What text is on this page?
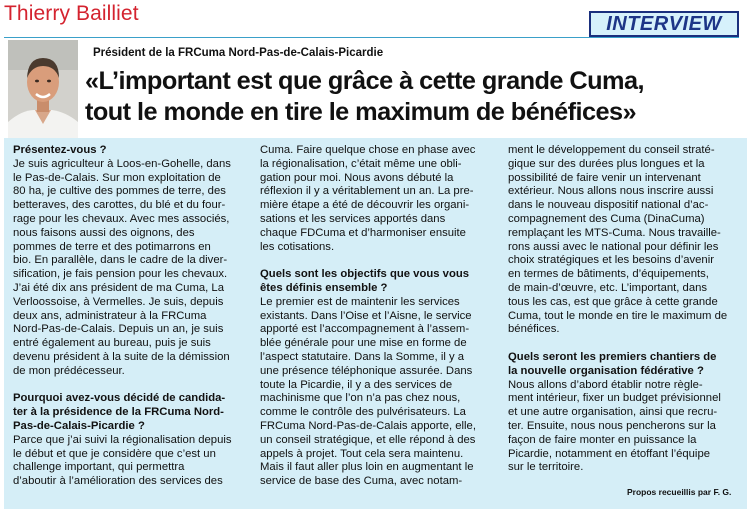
Thierry Bailliet	INTERVIEW
Président de la FRCuma Nord-Pas-de-Calais-Picardie
«L’important est que grâce à cette grande Cuma,
tout le monde en tire le maximum de bénéfices»
Présentez-vous ?
Je suis agriculteur à Loos-en-Gohelle, dans
le Pas-de-Calais. Sur mon exploitation de
80 ha, je cultive des pommes de terre, des
betteraves, des carottes, du blé et du four-
rage pour les chevaux. Avec mes associés,
nous faisons aussi des oignons, des
pommes de terre et des potimarrons en
bio. En parallèle, dans le cadre de la diver-
sification, je fais pension pour les chevaux.
J’ai été dix ans président de ma Cuma, La
Verloossoise, à Vermelles. Je suis, depuis
deux ans, administrateur à la FRCuma
Nord-Pas-de-Calais. Depuis un an, je suis
entré également au bureau, puis je suis
devenu président à la suite de la démission
de mon prédécesseur.
Pourquoi avez-vous décidé de candida-
ter à la présidence de la FRCuma Nord-
Pas-de-Calais-Picardie ?
Parce que j’ai suivi la régionalisation depuis
le début et que je considère que c’est un
challenge important, qui permettra
d’aboutir à l’amélioration des services des
Cuma. Faire quelque chose en phase avec
la régionalisation, c’était même une obli-
gation pour moi. Nous avons débuté la
réflexion il y a véritablement un an. La pre-
mière étape a été de découvrir les organi-
sations et les services apportés dans
chaque FDCuma et d’harmoniser ensuite
les cotisations.
Quels sont les objectifs que vous vous
êtes définis ensemble ?
Le premier est de maintenir les services
existants. Dans l’Oise et l’Aisne, le service
apporté est l’accompagnement à l’assem-
blée générale pour une mise en forme de
l’aspect statutaire. Dans la Somme, il y a
une présence téléphonique assurée. Dans
toute la Picardie, il y a des services de
machinisme que l’on n’a pas chez nous,
comme le contrôle des pulvérisateurs. La
FRCuma Nord-Pas-de-Calais apporte, elle,
un conseil stratégique, et elle répond à des
appels à projet. Tout cela sera maintenu.
Mais il faut aller plus loin en augmentant le
service de base des Cuma, avec notam-
ment le développement du conseil straté-
gique sur des durées plus longues et la
possibilité de faire venir un intervenant
extérieur. Nous allons nous inscrire aussi
dans le nouveau dispositif national d’ac-
compagnement des Cuma (DinaCuma)
remplaçant les MTS-Cuma. Nous travaille-
rons aussi avec le national pour définir les
choix stratégiques et les besoins d’avenir
en termes de bâtiments, d’équipements,
de main-d’œuvre, etc. L’important, dans
tous les cas, est que grâce à cette grande
Cuma, tout le monde en tire le maximum de
bénéfices.
Quels seront les premiers chantiers de
la nouvelle organisation fédérative ?
Nous allons d’abord établir notre règle-
ment intérieur, fixer un budget prévisionnel
et une autre organisation, ainsi que recru-
ter. Ensuite, nous nous pencherons sur la
façon de faire monter en puissance la
Picardie, notamment en étoffant l’équipe
sur le territoire.
Propos recueillis par F. G.
